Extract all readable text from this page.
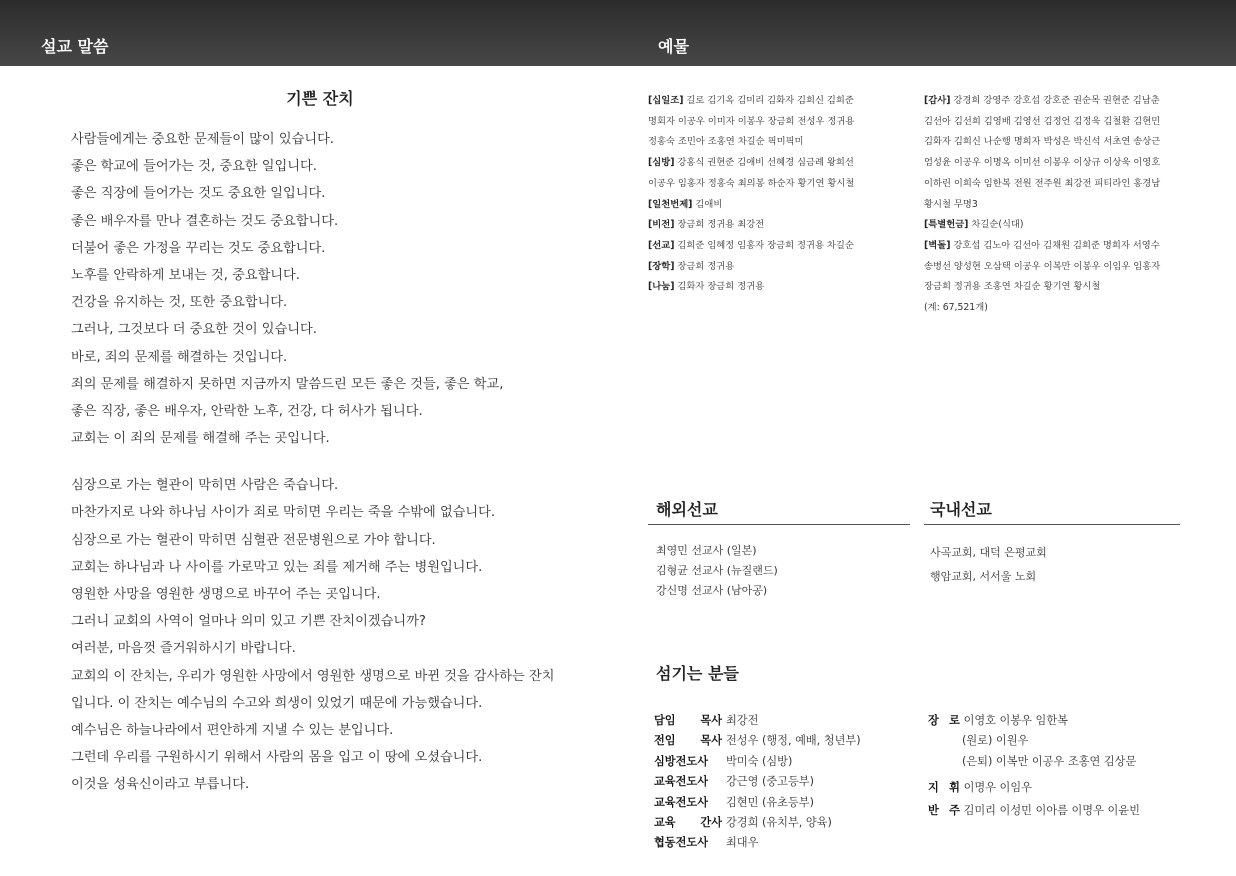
설교 말씀	예물
기쁜 잔치
사람들에게는 중요한 문제들이 많이 있습니다.
좋은 학교에 들어가는 것, 중요한 일입니다.
좋은 직장에 들어가는 것도 중요한 일입니다.
좋은 배우자를 만나 결혼하는 것도 중요합니다.
더불어 좋은 가정을 꾸리는 것도 중요합니다.
노후를 안락하게 보내는 것, 중요합니다.
건강을 유지하는 것, 또한 중요합니다.
그러나, 그것보다 더 중요한 것이 있습니다.
바로, 죄의 문제를 해결하는 것입니다.
죄의 문제를 해결하지 못하면 지금까지 말씀드린 모든 좋은 것들, 좋은 학교,
좋은 직장, 좋은 배우자, 안락한 노후, 건강, 다 허사가 됩니다.
교회는 이 죄의 문제를 해결해 주는 곳입니다.
심장으로 가는 혈관이 막히면 사람은 죽습니다.
마찬가지로 나와 하나님 사이가 죄로 막히면 우리는 죽을 수밖에 없습니다.
심장으로 가는 혈관이 막히면 심혈관 전문병원으로 가야 합니다.
교회는 하나님과 나 사이를 가로막고 있는 죄를 제거해 주는 병원입니다.
영원한 사망을 영원한 생명으로 바꾸어 주는 곳입니다.
그러니 교회의 사역이 얼마나 의미 있고 기쁜 잔치이겠습니까?
여러분, 마음껏 즐거워하시기 바랍니다.
교회의 이 잔치는, 우리가 영원한 사망에서 영원한 생명으로 바뀐 것을 감사하는 잔치
입니다. 이 잔치는 예수님의 수고와 희생이 있었기 때문에 가능했습니다.
예수님은 하늘나라에서 편안하게 지낼 수 있는 분입니다.
그런데 우리를 구원하시기 위해서 사람의 몸을 입고 이 땅에 오셨습니다.
이것을 성육신이라고 부릅니다.
[십일조] 길로 김기옥 김미리 김화자 김희신 김희준
명회자 이공우 이미자 이봉우 장금희 전성우 정귀용
정홍숙 조민아 조홍연 차길순 픽미픽미
[심방] 강홍식 권현준 김애비 선혜경 심금례 왕희선
이공우 임홍자 정홍숙 최의봉 하순자 황기연 황시철
[일천번제] 김애비
[비전] 장금희 정귀용 최강전
[선교] 김희준 임혜정 임홍자 장금희 정귀용 차길순
[장학] 장금희 정귀용
[나눔] 김화자 장금희 정귀용
[감사] 강경희 강영주 강호섭 강호준 권순목 권현준 김남춘
김선아 김선희 김영배 김영선 김정언 김정욱 김철환 김현민
김화자 김희신 나순행 명희자 박성은 박신석 서초연 송상근
엄성윤 이공우 이명옥 이미선 이봉우 이상규 이상욱 이영호
이하린 이희숙 임한복 전원 전주원 최강전 피티라인 홍경남
황시철 무명3
[특별헌금] 차길순(식대)
[벽돌] 강호섭 김노아 김선아 김채원 김희준 명희자 서영수
송병선 양성현 오삼택 이공우 이복만 이봉우 이임우 임홍자
장금희 정귀용 조홍연 차길순 황기연 황시철
(계: 67,521개)
해외선교
최영민 선교사 (일본)
김형균 선교사 (뉴질랜드)
강신명 선교사 (남아공)
국내선교
사곡교회, 대덕 은평교회
행암교회, 서서울 노회
섬기는 분들
담임 목사 최강전
전임 목사 전성우 (행정, 예배, 청년부)
심방전도사 박미숙 (심방)
교육전도사 강근영 (중고등부)
교육전도사 김현민 (유초등부)
교육 간사 강경희 (유치부, 양육)
협동전도사 최대우
장 로 이영호 이봉우 임한복
(원로) 이원우
(은퇴) 이복만 이공우 조홍연 김상문
지 휘 이명우 이임우
반 주 김미리 이성민 이아름 이명우 이윤빈
